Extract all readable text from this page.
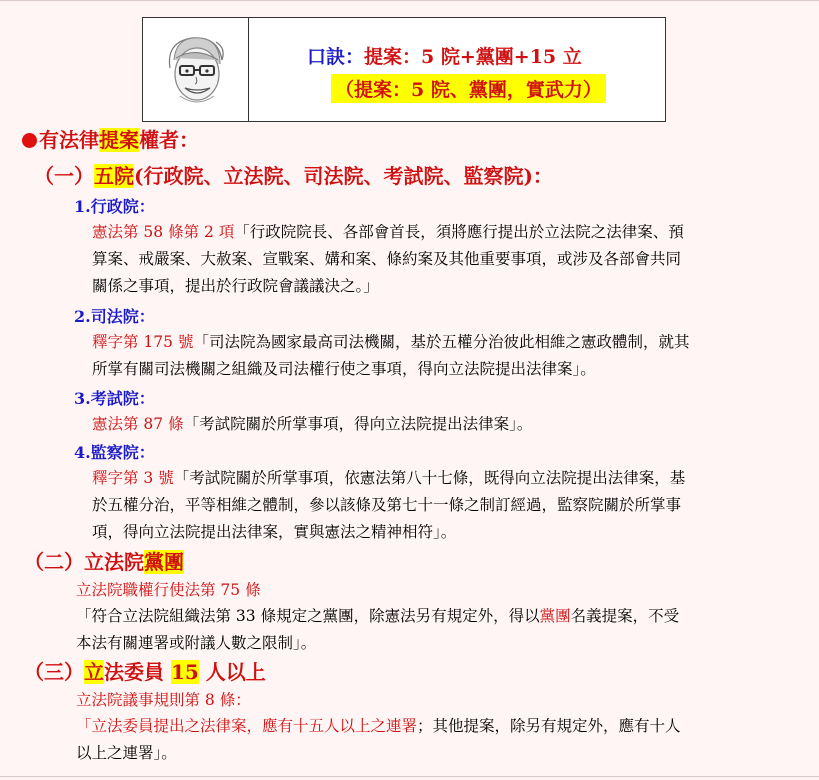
口訣：提案：5 院+黨團+15 立
（提案：5 院、黨團，實武力）
有法律提案權者：
（一）五院(行政院、立法院、司法院、考試院、監察院)：
1.行政院：
憲法第 58 條第 2 項「行政院院長、各部會首長，須將應行提出於立法院之法律案、預
算案、戒嚴案、大赦案、宣戰案、媾和案、條約案及其他重要事項，或涉及各部會共同
關係之事項，提出於行政院會議議決之。」
2.司法院：
釋字第 175 號「司法院為國家最高司法機關，基於五權分治彼此相維之憲政體制，就其
所掌有關司法機關之組織及司法權行使之事項，得向立法院提出法律案」。
3.考試院：
憲法第 87 條「考試院關於所掌事項，得向立法院提出法律案」。
4.監察院：
釋字第 3 號「考試院關於所掌事項，依憲法第八十七條，既得向立法院提出法律案，基
於五權分治，平等相維之體制，參以該條及第七十一條之制訂經過，監察院關於所掌事
項，得向立法院提出法律案，實與憲法之精神相符」。
（二）立法院黨團
立法院職權行使法第 75 條
「符合立法院組織法第 33 條規定之黨團，除憲法另有規定外，得以黨團名義提案，不受
本法有關連署或附議人數之限制」。
（三）立法委員 15 人以上
立法院議事規則第 8 條：
「立法委員提出之法律案，應有十五人以上之連署；其他提案，除另有規定外，應有十人
以上之連署」。
